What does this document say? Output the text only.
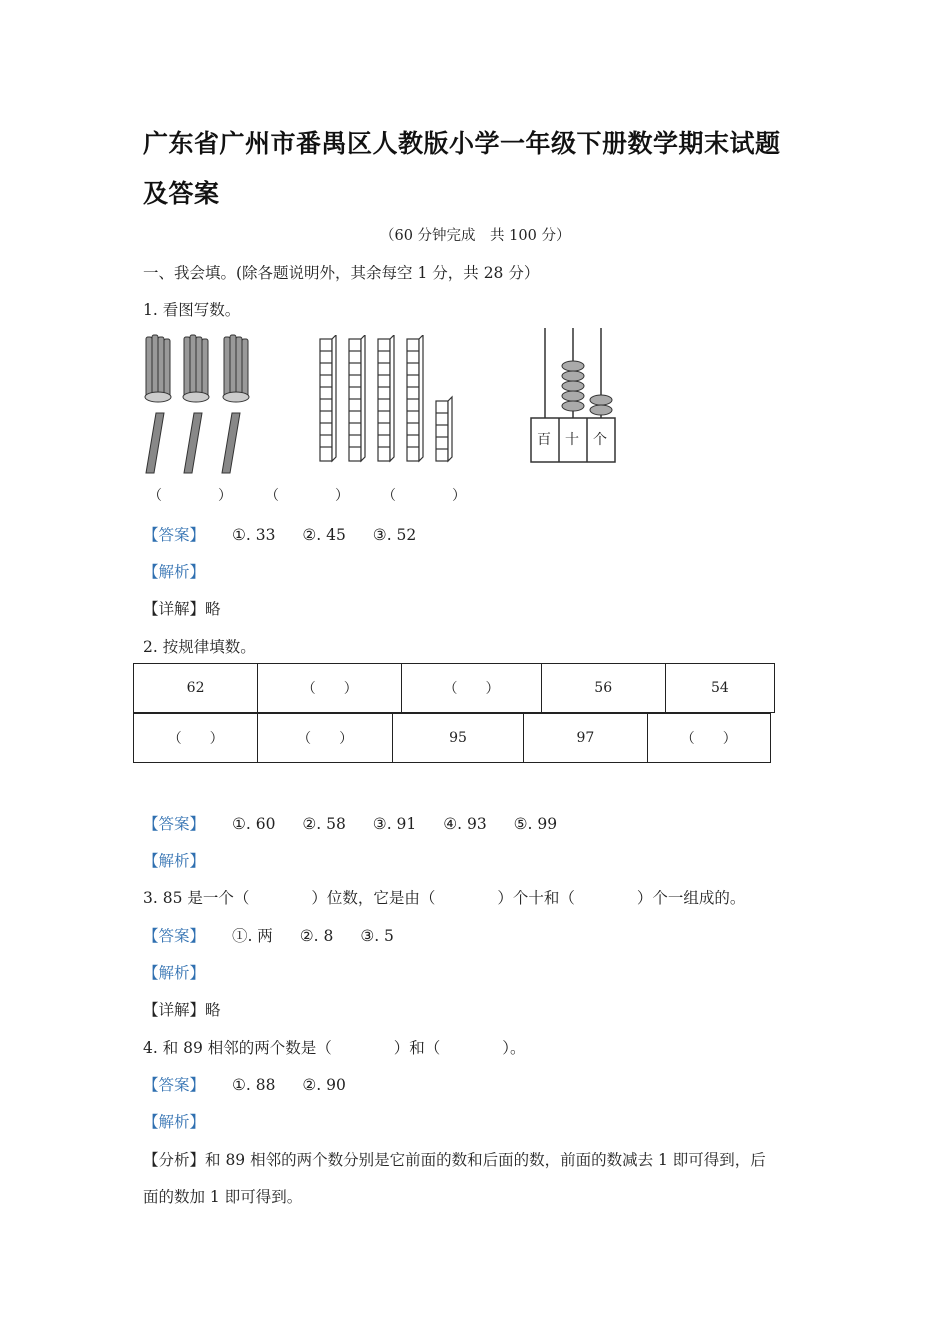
广东省广州市番禺区人教版小学一年级下册数学期末试题
及答案
（60 分钟完成　共 100 分）
一、我会填。(除各题说明外，其余每空 1 分，共 28 分）
1. 看图写数。
百 十 个
（　　　　） （　　　　） （　　　　）
【答案】 ①. 33 ②. 45 ③. 52
【解析】
【详解】略
2. 按规律填数。
62	（　　）	（　　）	56	54
（　　）	（　　）	95	97	（　　）
【答案】 ①. 60 ②. 58 ③. 91 ④. 93 ⑤. 99
【解析】
3. 85 是一个（　　　　）位数，它是由（　　　　）个十和（　　　　）个一组成的。
【答案】 ①. 两 ②. 8 ③. 5
【解析】
【详解】略
4. 和 89 相邻的两个数是（　　　　）和（　　　　）。
【答案】 ①. 88 ②. 90
【解析】
【分析】和 89 相邻的两个数分别是它前面的数和后面的数，前面的数减去 1 即可得到，后
面的数加 1 即可得到。
